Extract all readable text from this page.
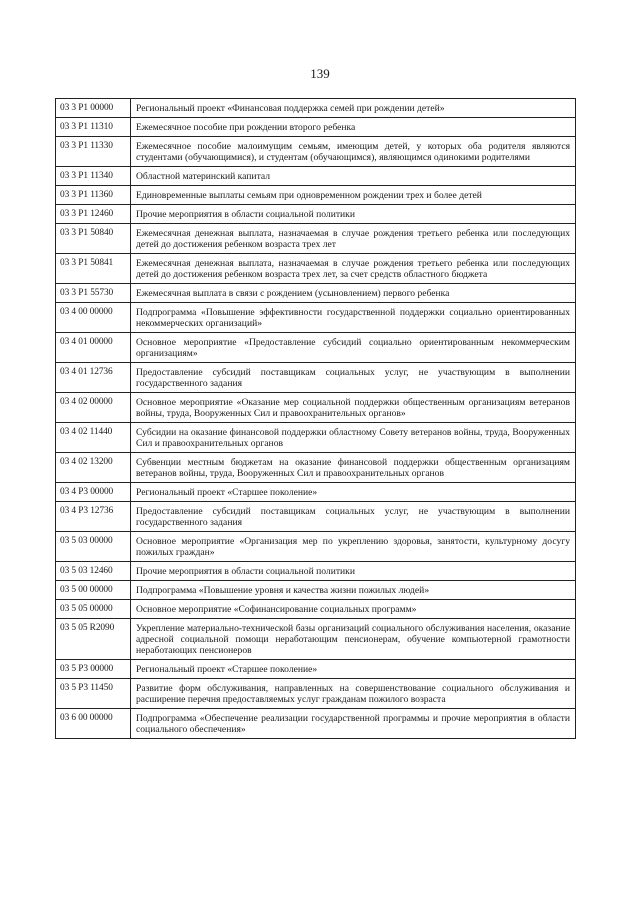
139
03 3 P1 00000	Региональный проект «Финансовая поддержка семей при рождении детей»
03 3 P1 11310	Ежемесячное пособие при рождении второго ребенка
03 3 P1 11330	Ежемесячное пособие малоимущим семьям, имеющим детей, у которых оба родителя являются студентами (обучающимися), и студентам (обучающимся), являющимся одинокими родителями
03 3 P1 11340	Областной материнский капитал
03 3 P1 11360	Единовременные выплаты семьям при одновременном рождении трех и более детей
03 3 P1 12460	Прочие мероприятия в области социальной политики
03 3 P1 50840	Ежемесячная денежная выплата, назначаемая в случае рождения третьего ребенка или последующих детей до достижения ребенком возраста трех лет
03 3 P1 50841	Ежемесячная денежная выплата, назначаемая в случае рождения третьего ребенка или последующих детей до достижения ребенком возраста трех лет, за счет средств областного бюджета
03 3 P1 55730	Ежемесячная выплата в связи с рождением (усыновлением) первого ребенка
03 4 00 00000	Подпрограмма «Повышение эффективности государственной поддержки социально ориентированных некоммерческих организаций»
03 4 01 00000	Основное мероприятие «Предоставление субсидий социально ориентированным некоммерческим организациям»
03 4 01 12736	Предоставление субсидий поставщикам социальных услуг, не участвующим в выполнении государственного задания
03 4 02 00000	Основное мероприятие «Оказание мер социальной поддержки общественным организациям ветеранов войны, труда, Вооруженных Сил и правоохранительных органов»
03 4 02 11440	Субсидии на оказание финансовой поддержки областному Совету ветеранов войны, труда, Вооруженных Сил и правоохранительных органов
03 4 02 13200	Субвенции местным бюджетам на оказание финансовой поддержки общественным организациям ветеранов войны, труда, Вооруженных Сил и правоохранительных органов
03 4 P3 00000	Региональный проект «Старшее поколение»
03 4 P3 12736	Предоставление субсидий поставщикам социальных услуг, не участвующим в выполнении государственного задания
03 5 03 00000	Основное мероприятие «Организация мер по укреплению здоровья, занятости, культурному досугу пожилых граждан»
03 5 03 12460	Прочие мероприятия в области социальной политики
03 5 00 00000	Подпрограмма «Повышение уровня и качества жизни пожилых людей»
03 5 05 00000	Основное мероприятие «Софинансирование социальных программ»
03 5 05 R2090	Укрепление материально-технической базы организаций социального обслуживания населения, оказание адресной социальной помощи неработающим пенсионерам, обучение компьютерной грамотности неработающих пенсионеров
03 5 P3 00000	Региональный проект «Старшее поколение»
03 5 P3 11450	Развитие форм обслуживания, направленных на совершенствование социального обслуживания и расширение перечня предоставляемых услуг гражданам пожилого возраста
03 6 00 00000	Подпрограмма «Обеспечение реализации государственной программы и прочие мероприятия в области социального обеспечения»
